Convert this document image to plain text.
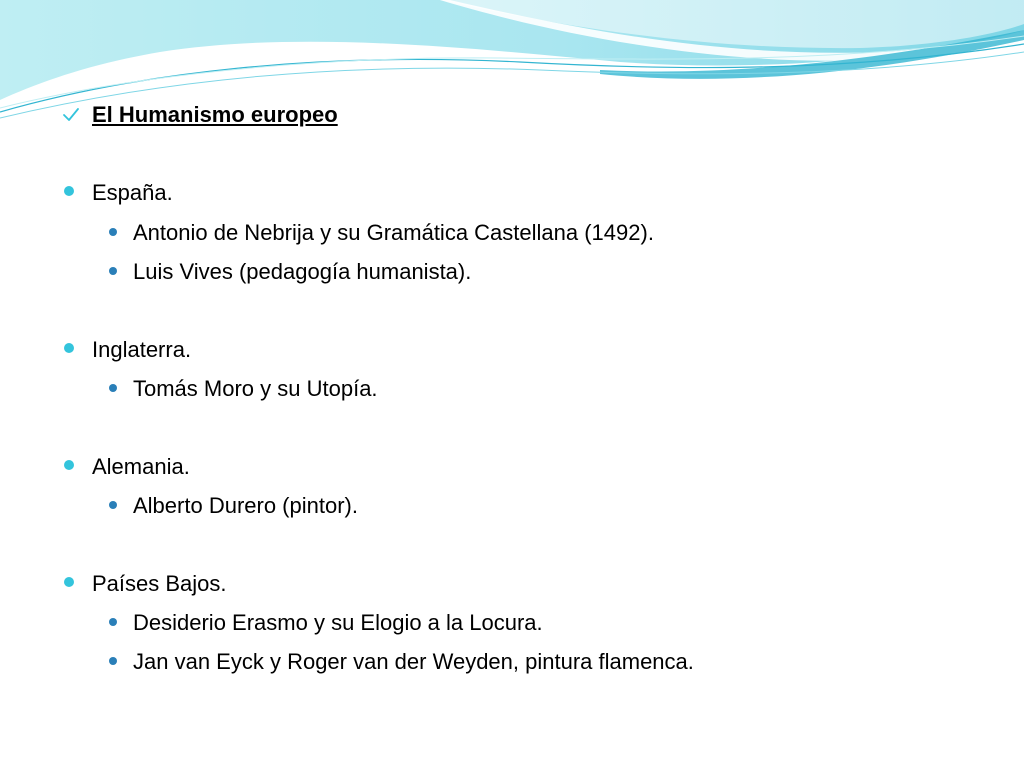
El Humanismo europeo
España.
Antonio de Nebrija y su Gramática Castellana (1492).
Luis Vives (pedagogía humanista).
Inglaterra.
Tomás Moro y su Utopía.
Alemania.
Alberto Durero (pintor).
Países Bajos.
Desiderio Erasmo y su Elogio a la Locura.
Jan van Eyck y Roger van der Weyden, pintura flamenca.
